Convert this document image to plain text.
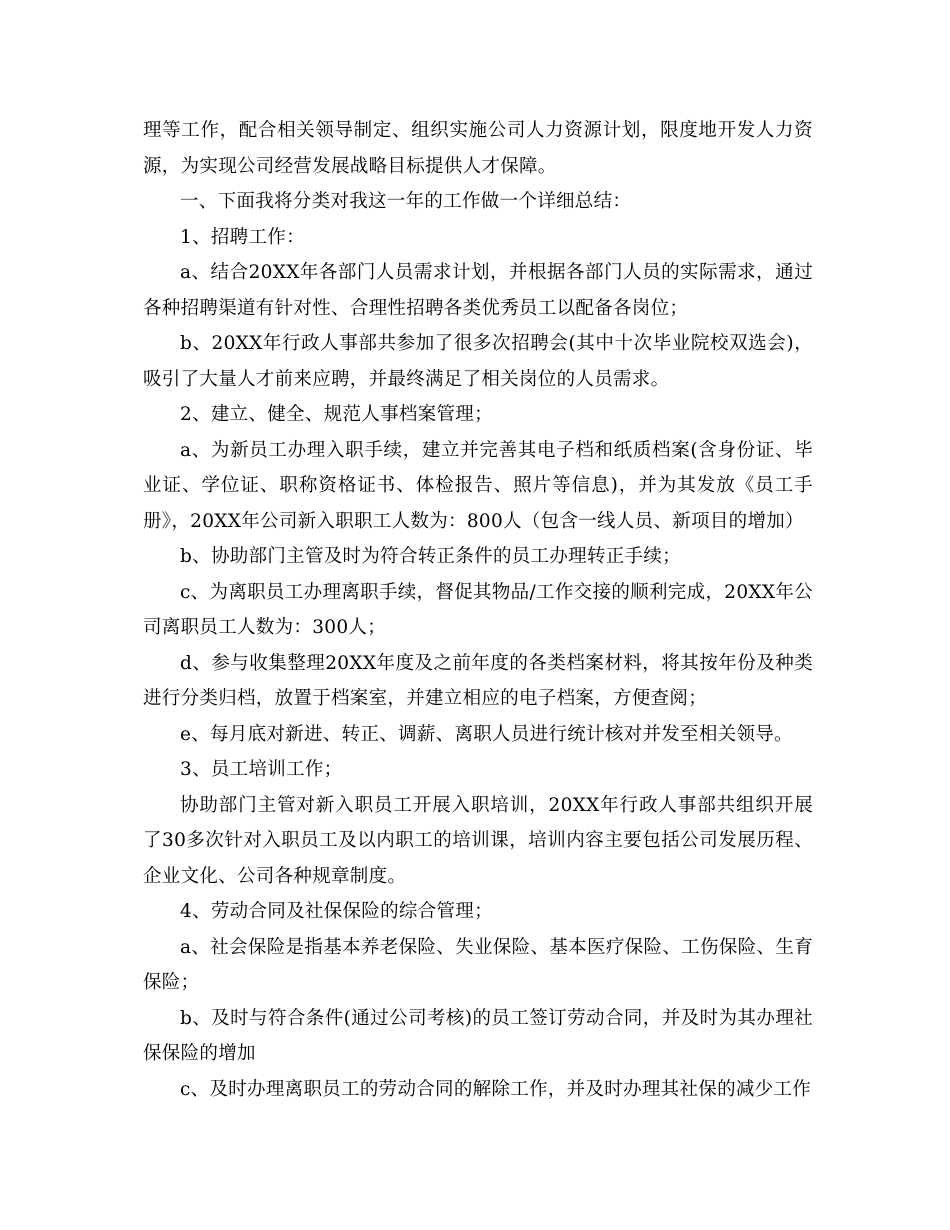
理等工作，配合相关领导制定、组织实施公司人力资源计划，限度地开发人力资源，为实现公司经营发展战略目标提供人才保障。

一、下面我将分类对我这一年的工作做一个详细总结：

1、招聘工作：

a、结合20XX年各部门人员需求计划，并根据各部门人员的实际需求，通过各种招聘渠道有针对性、合理性招聘各类优秀员工以配备各岗位；

b、20XX年行政人事部共参加了很多次招聘会(其中十次毕业院校双选会)，吸引了大量人才前来应聘，并最终满足了相关岗位的人员需求。

2、建立、健全、规范人事档案管理；

a、为新员工办理入职手续，建立并完善其电子档和纸质档案(含身份证、毕业证、学位证、职称资格证书、体检报告、照片等信息)，并为其发放《员工手册》，20XX年公司新入职职工人数为：800人（包含一线人员、新项目的增加）

b、协助部门主管及时为符合转正条件的员工办理转正手续；

c、为离职员工办理离职手续，督促其物品/工作交接的顺利完成，20XX年公司离职员工人数为：300人；

d、参与收集整理20XX年度及之前年度的各类档案材料，将其按年份及种类进行分类归档，放置于档案室，并建立相应的电子档案，方便查阅；

e、每月底对新进、转正、调薪、离职人员进行统计核对并发至相关领导。

3、员工培训工作；

协助部门主管对新入职员工开展入职培训，20XX年行政人事部共组织开展了30多次针对入职员工及以内职工的培训课，培训内容主要包括公司发展历程、企业文化、公司各种规章制度。

4、劳动合同及社保保险的综合管理；

a、社会保险是指基本养老保险、失业保险、基本医疗保险、工伤保险、生育保险；

b、及时与符合条件(通过公司考核)的员工签订劳动合同，并及时为其办理社保保险的增加

c、及时办理离职员工的劳动合同的解除工作，并及时办理其社保的减少工作
